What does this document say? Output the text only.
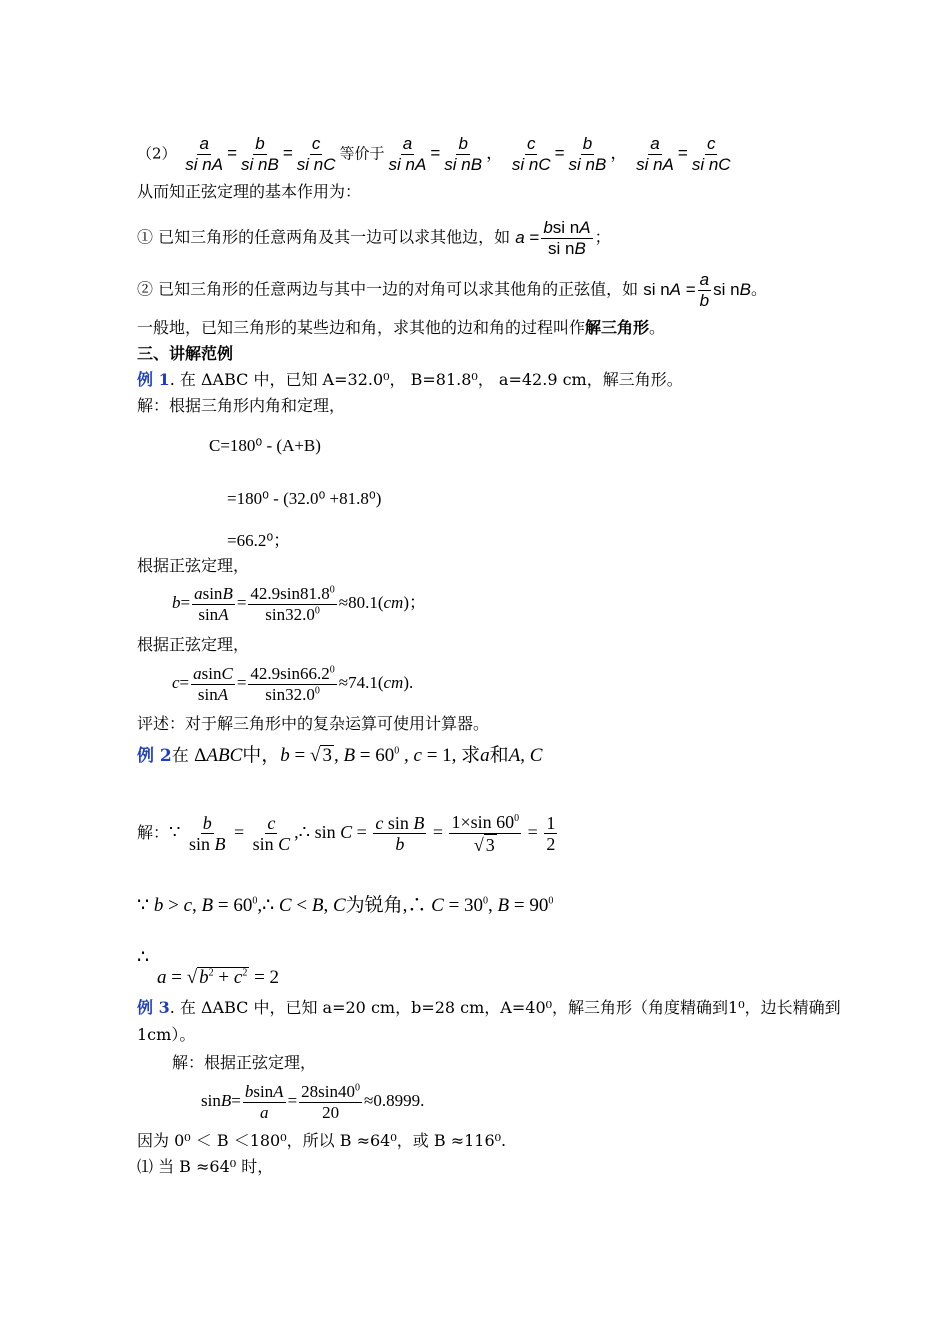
$(2) \frac{a}{\text{si nA}} = \frac{b}{\text{si nB}} = \frac{c}{\text{si nC}}$ 等价于 $\frac{a}{\text{si nA}} = \frac{b}{\text{si nB}}$ ， $\frac{c}{\text{si nC}} = \frac{b}{\text{si nB}}$ ， $\frac{a}{\text{si nA}} = \frac{c}{\text{si nC}}$
从而知正弦定理的基本作用为：
① 已知三角形的任意两角及其一边可以求其他边，如 $a = \frac{\text{bsi nA}}{\text{si nB}}$ ；
② 已知三角形的任意两边与其中一边的对角可以求其他角的正弦值，如 si nA = $\frac{a}{b}$ si nB。
一般地，已知三角形的某些边和角，求其他的边和角的过程叫作解三角形。
三、讲解范例
例 1. 在 ΔABC 中，已知 A=32.0⁰， B=81.8⁰， a=42.9 cm，解三角形。
解：根据三角形内角和定理，
C=180⁰ - (A+B)
=180⁰ - (32.0⁰ +81.8⁰)
=66.2⁰；
根据正弦定理，
$b= \frac{asinB}{\sin A} = \frac{42.9\sin 81.8^0}{\sin 32.0^0} \approx 80.1(cm)$；
根据正弦定理，
$c= \frac{asinC}{\sin A} = \frac{42.9\sin 66.2^0}{\sin 32.0^0} \approx 74.1(cm)$.
评述：对于解三角形中的复杂运算可使用计算器。
例 2在 ΔABC中，b = √ 3 , $B = 60^0$ , c = 1, 求a和A, C
解：∵ $\frac{b}{\text{sin B}} = \frac{c}{\text{sin C}}$ ,∴ $\sin C = \frac{\text{c sin B}}{b} = \frac{1\times\sin 60^0}{√ 3} = \frac{1}{2}$
∵ b > c, $B = 60^0,\therefore$ C < B, C为锐角,∴ $C = 30^0$, $B = 90^0$
∴
a = √ $b^2 + c^2 = 2$
例 3. 在 ΔABC 中，已知 a=20 cm，b=28 cm，A=40⁰，解三角形（角度精确到1⁰，边长精确到
1cm）。
解：根据正弦定理，
$\sin B= \frac{bsinA}{a} = \frac{28\sin 40^0}{20} \approx 0.8999$.
因为 0⁰ ＜ B ＜180⁰，所以 B ≈64⁰，或 B ≈116⁰.
⑴ 当 B ≈64⁰ 时，
